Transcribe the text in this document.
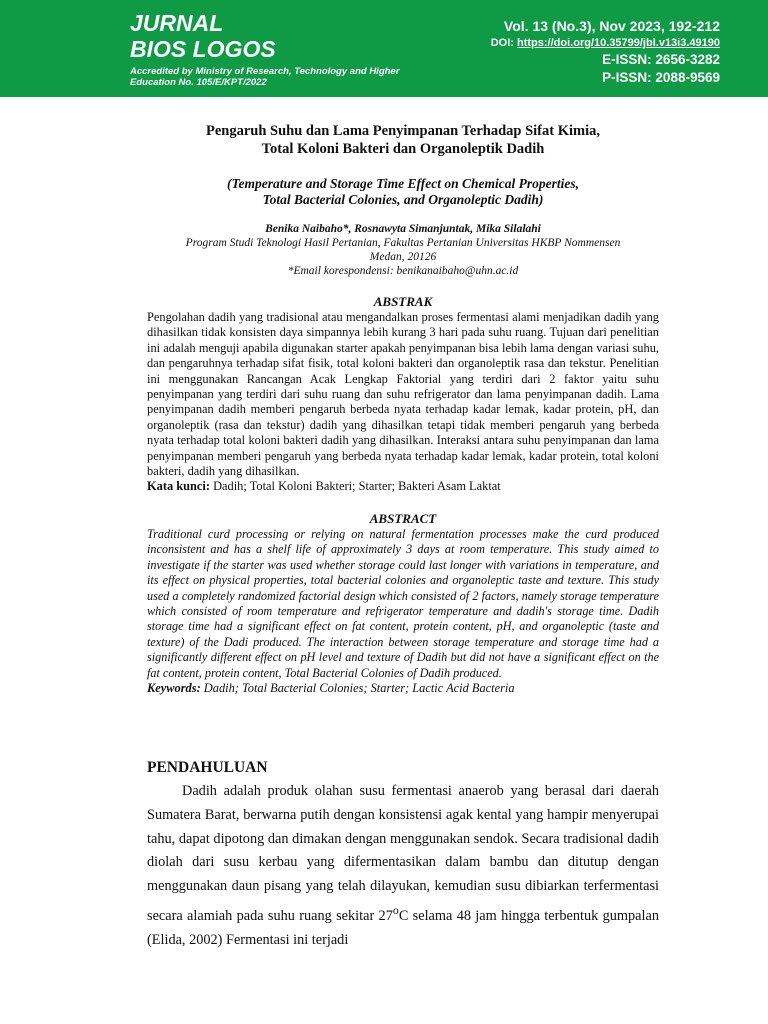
JURNAL
BIOS LOGOS
Accredited by Ministry of Research, Technology and Higher Education No. 105/E/KPT/2022
Vol. 13 (No.3), Nov 2023, 192-212
DOI: https://doi.org/10.35799/jbl.v13i3.49190
E-ISSN: 2656-3282
P-ISSN: 2088-9569
Pengaruh Suhu dan Lama Penyimpanan Terhadap Sifat Kimia,
Total Koloni Bakteri dan Organoleptik Dadih
(Temperature and Storage Time Effect on Chemical Properties,
Total Bacterial Colonies, and Organoleptic Dadih)
Benika Naibaho*, Rosnawyta Simanjuntak, Mika Silalahi
Program Studi Teknologi Hasil Pertanian, Fakultas Pertanian Universitas HKBP Nommensen
Medan, 20126
*Email korespondensi: benikanaibaho@uhn.ac.id
ABSTRAK

Pengolahan dadih yang tradisional atau mengandalkan proses fermentasi alami menjadikan dadih yang dihasilkan tidak konsisten daya simpannya lebih kurang 3 hari pada suhu ruang. Tujuan dari penelitian ini adalah menguji apabila digunakan starter apakah penyimpanan bisa lebih lama dengan variasi suhu, dan pengaruhnya terhadap sifat fisik, total koloni bakteri dan organoleptik rasa dan tekstur. Penelitian ini menggunakan Rancangan Acak Lengkap Faktorial yang terdiri dari 2 faktor yaitu suhu penyimpanan yang terdiri dari suhu ruang dan suhu refrigerator dan lama penyimpanan dadih. Lama penyimpanan dadih memberi pengaruh berbeda nyata terhadap kadar lemak, kadar protein, pH, dan organoleptik (rasa dan tekstur) dadih yang dihasilkan tetapi tidak memberi pengaruh yang berbeda nyata terhadap total koloni bakteri dadih yang dihasilkan. Interaksi antara suhu penyimpanan dan lama penyimpanan memberi pengaruh yang berbeda nyata terhadap kadar lemak, kadar protein, total koloni bakteri, dadih yang dihasilkan.

Kata kunci: Dadih; Total Koloni Bakteri; Starter; Bakteri Asam Laktat

ABSTRACT

Traditional curd processing or relying on natural fermentation processes make the curd produced inconsistent and has a shelf life of approximately 3 days at room temperature. This study aimed to investigate if the starter was used whether storage could last longer with variations in temperature, and its effect on physical properties, total bacterial colonies and organoleptic taste and texture. This study used a completely randomized factorial design which consisted of 2 factors, namely storage temperature which consisted of room temperature and refrigerator temperature and dadih's storage time. Dadih storage time had a significant effect on fat content, protein content, pH, and organoleptic (taste and texture) of the Dadi produced. The interaction between storage temperature and storage time had a significantly different effect on pH level and texture of Dadih but did not have a significant effect on the fat content, protein content, Total Bacterial Colonies of Dadih produced.

Keywords: Dadih; Total Bacterial Colonies; Starter; Lactic Acid Bacteria

PENDAHULUAN

Dadih adalah produk olahan susu fermentasi anaerob yang berasal dari daerah Sumatera Barat, berwarna putih dengan konsistensi agak kental yang hampir menyerupai tahu, dapat dipotong dan dimakan dengan menggunakan sendok. Secara tradisional dadih diolah dari susu kerbau yang difermentasikan dalam bambu dan ditutup dengan menggunakan daun pisang yang telah dilayukan, kemudian susu dibiarkan terfermentasi secara alamiah pada suhu ruang sekitar 27$^o$C selama 48 jam hingga terbentuk gumpalan (Elida, 2002) Fermentasi ini terjadi
